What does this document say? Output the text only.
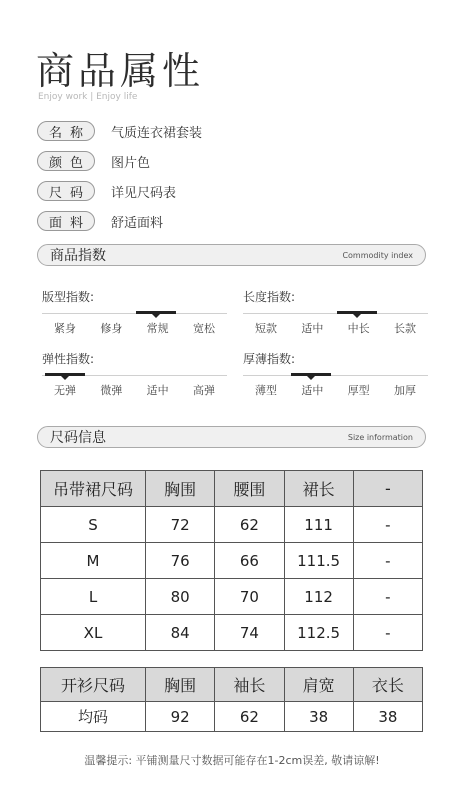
商品属性
Enjoy work | Enjoy life
名称	气质连衣裙套装
颜色	图片色
尺码	详见尺码表
面料	舒适面料
商品指数	Commodity index
版型指数:
紧身	修身	常规	宽松
长度指数:
短款	适中	中长	长款
弹性指数:
无弹	微弹	适中	高弹
厚薄指数:
薄型	适中	厚型	加厚
尺码信息	Size information
吊带裙尺码	胸围	腰围	裙长	-
S	72	62	111	-
M	76	66	111.5	-
L	80	70	112	-
XL	84	74	112.5	-
开衫尺码	胸围	袖长	肩宽	衣长
均码	92	62	38	38
温馨提示: 平铺测量尺寸数据可能存在1-2cm误差, 敬请谅解!
